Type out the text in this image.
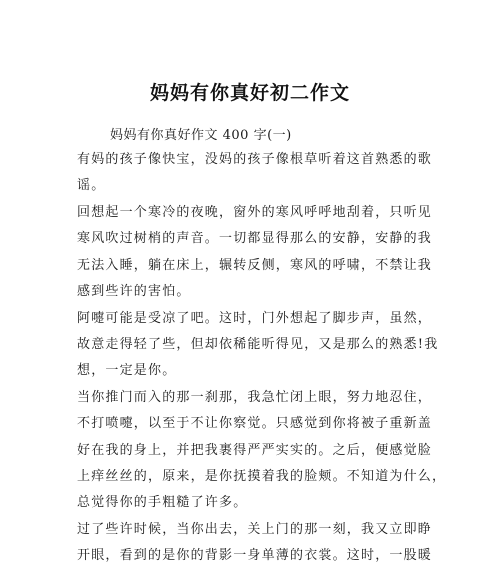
妈妈有你真好初二作文
妈妈有你真好作文 400 字(一)
有妈的孩子像快宝，没妈的孩子像根草听着这首熟悉的歌
谣。
回想起一个寒冷的夜晚，窗外的寒风呼呼地刮着，只听见
寒风吹过树梢的声音。一切都显得那么的安静，安静的我
无法入睡，躺在床上，辗转反侧，寒风的呼啸，不禁让我
感到些许的害怕。
阿嚏可能是受凉了吧。这时，门外想起了脚步声，虽然，
故意走得轻了些，但却依稀能听得见，又是那么的熟悉!我
想，一定是你。
当你推门而入的那一刹那，我急忙闭上眼，努力地忍住，
不打喷嚏，以至于不让你察觉。只感觉到你将被子重新盖
好在我的身上，并把我裹得严严实实的。之后，便感觉脸
上痒丝丝的，原来，是你抚摸着我的脸颊。不知道为什么，
总觉得你的手粗糙了许多。
过了些许时候，当你出去，关上门的那一刻，我又立即睁
开眼，看到的是你的背影一身单薄的衣裳。这时，一股暖
